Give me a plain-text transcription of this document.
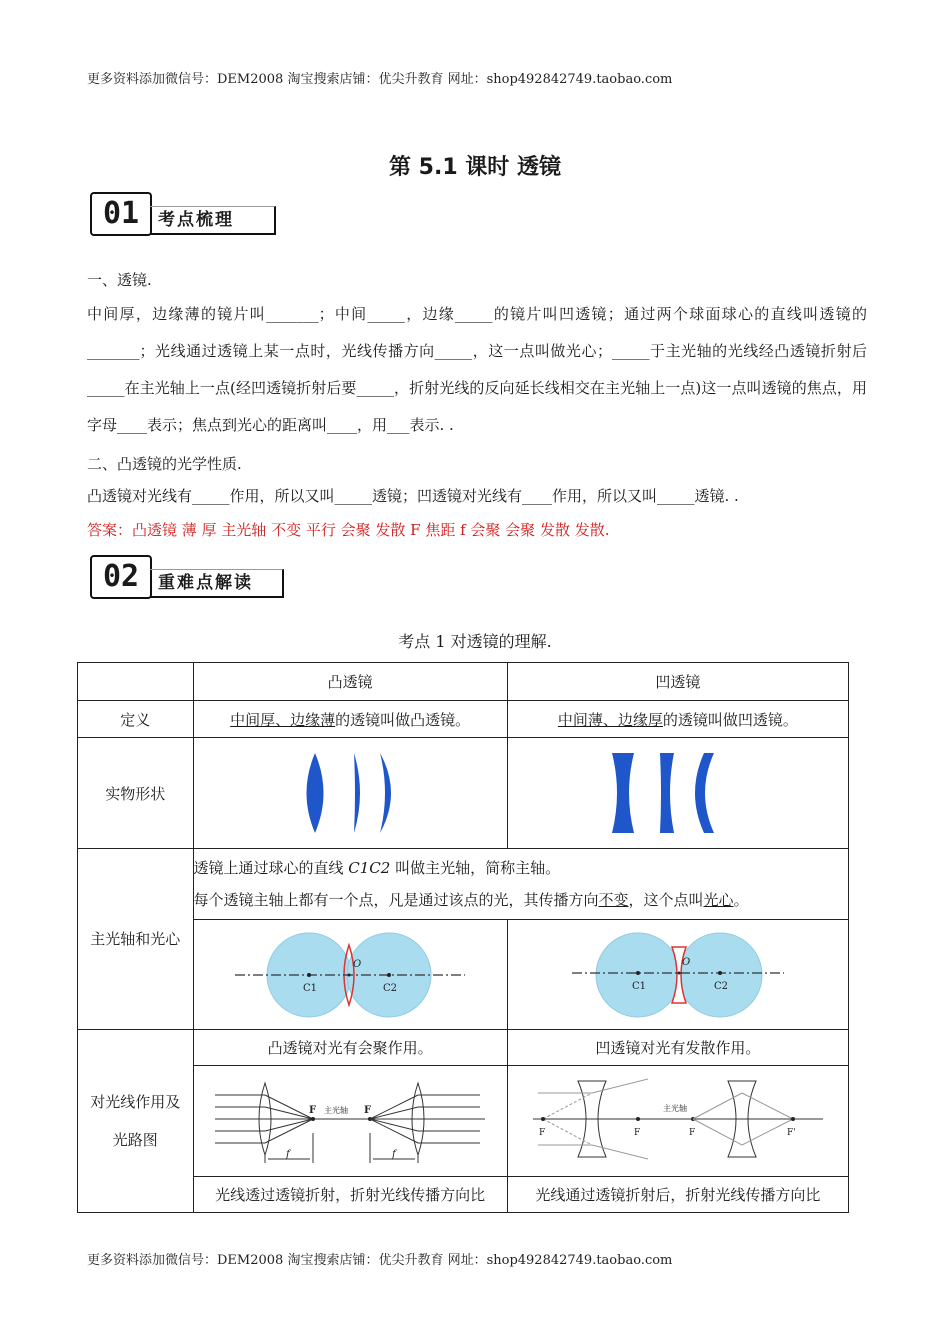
更多资料添加微信号：DEM2008 淘宝搜索店铺：优尖升教育 网址：shop492842749.taobao.com
第 5.1 课时 透镜
01	考点梳理
一、透镜.
中间厚，边缘薄的镜片叫_______；中间_____，边缘_____的镜片叫凹透镜；通过两个球面球心的直线叫透镜的_______；光线通过透镜上某一点时，光线传播方向_____，这一点叫做光心；_____于主光轴的光线经凸透镜折射后_____在主光轴上一点(经凹透镜折射后要_____，折射光线的反向延长线相交在主光轴上一点)这一点叫透镜的焦点，用字母____表示；焦点到光心的距离叫____，用___表示. .
二、凸透镜的光学性质.
凸透镜对光线有_____作用，所以又叫_____透镜；凹透镜对光线有____作用，所以又叫_____透镜. .
答案：凸透镜 薄 厚 主光轴 不变 平行 会聚 发散 F 焦距 f 会聚 会聚 发散 发散.
02	重难点解读
考点 1 对透镜的理解.
	凸透镜	凹透镜
定义	中间厚、边缘薄的透镜叫做凸透镜。	中间薄、边缘厚的透镜叫做凹透镜。
实物形状	

主光轴和光心	透镜上通过球心的直线 C1C2 叫做主光轴，简称主轴。
每个透镜主轴上都有一个点，凡是通过该点的光，其传播方向不变，这个点叫光心。	

O
C1 C2	O
C1 C2

对光线作用及光路图	凸透镜对光有会聚作用。	凹透镜对光有发散作用。

F 主光轴
f
F
f	F F
主光轴
F F'

	光线透过透镜折射，折射光线传播方向比	光线通过透镜折射后，折射光线传播方向比
更多资料添加微信号：DEM2008 淘宝搜索店铺：优尖升教育 网址：shop492842749.taobao.com
